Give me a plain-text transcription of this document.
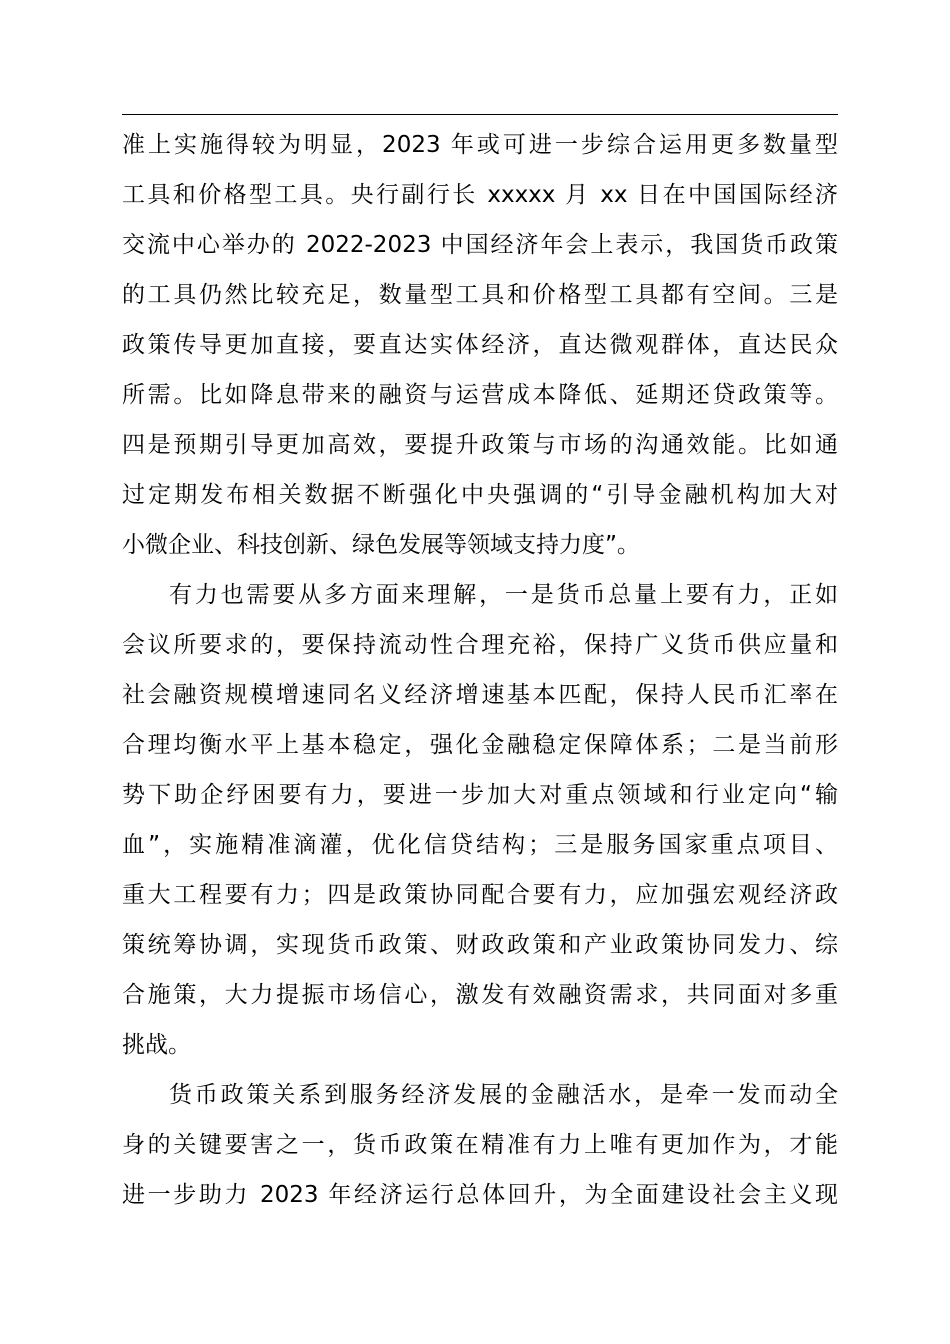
准上实施得较为明显，2023 年或可进一步综合运用更多数量型
工具和价格型工具。央行副行长 xxxxx 月 xx 日在中国国际经济
交流中心举办的 2022-2023 中国经济年会上表示，我国货币政策
的工具仍然比较充足，数量型工具和价格型工具都有空间。三是
政策传导更加直接，要直达实体经济，直达微观群体，直达民众
所需。比如降息带来的融资与运营成本降低、延期还贷政策等。
四是预期引导更加高效，要提升政策与市场的沟通效能。比如通
过定期发布相关数据不断强化中央强调的“引导金融机构加大对
小微企业、科技创新、绿色发展等领域支持力度”。
有力也需要从多方面来理解，一是货币总量上要有力，正如
会议所要求的，要保持流动性合理充裕，保持广义货币供应量和
社会融资规模增速同名义经济增速基本匹配，保持人民币汇率在
合理均衡水平上基本稳定，强化金融稳定保障体系；二是当前形
势下助企纾困要有力，要进一步加大对重点领域和行业定向“输
血”，实施精准滴灌，优化信贷结构；三是服务国家重点项目、
重大工程要有力；四是政策协同配合要有力，应加强宏观经济政
策统筹协调，实现货币政策、财政政策和产业政策协同发力、综
合施策，大力提振市场信心，激发有效融资需求，共同面对多重
挑战。
货币政策关系到服务经济发展的金融活水，是牵一发而动全
身的关键要害之一，货币政策在精准有力上唯有更加作为，才能
进一步助力 2023 年经济运行总体回升，为全面建设社会主义现
